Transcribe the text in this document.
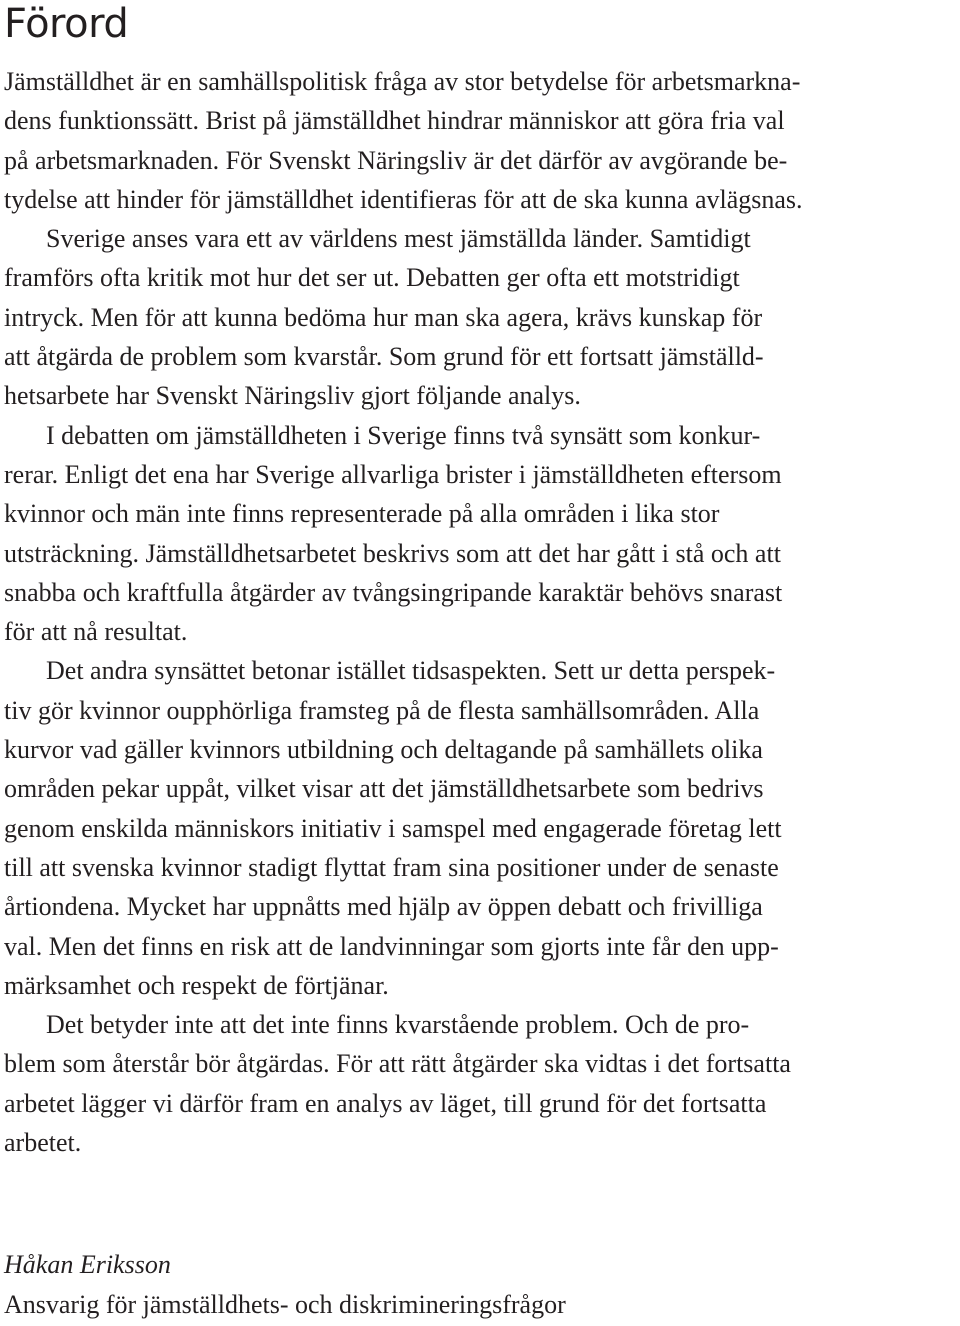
Förord
Jämställdhet är en samhällspolitisk fråga av stor betydelse för arbetsmarkna-
dens funktionssätt. Brist på jämställdhet hindrar människor att göra fria val
på arbetsmarknaden. För Svenskt Näringsliv är det därför av avgörande be-
tydelse att hinder för jämställdhet identifieras för att de ska kunna avlägsnas.
Sverige anses vara ett av världens mest jämställda länder. Samtidigt
framförs ofta kritik mot hur det ser ut. Debatten ger ofta ett motstridigt
intryck. Men för att kunna bedöma hur man ska agera, krävs kunskap för
att åtgärda de problem som kvarstår. Som grund för ett fortsatt jämställd-
hetsarbete har Svenskt Näringsliv gjort följande analys.
I debatten om jämställdheten i Sverige finns två synsätt som konkur-
rerar. Enligt det ena har Sverige allvarliga brister i jämställdheten eftersom
kvinnor och män inte finns representerade på alla områden i lika stor
utsträckning. Jämställdhetsarbetet beskrivs som att det har gått i stå och att
snabba och kraftfulla åtgärder av tvångsingripande karaktär behövs snarast
för att nå resultat.
Det andra synsättet betonar istället tidsaspekten. Sett ur detta perspek-
tiv gör kvinnor oupphörliga framsteg på de flesta samhällsområden. Alla
kurvor vad gäller kvinnors utbildning och deltagande på samhällets olika
områden pekar uppåt, vilket visar att det jämställdhetsarbete som bedrivs
genom enskilda människors initiativ i samspel med engagerade företag lett
till att svenska kvinnor stadigt flyttat fram sina positioner under de senaste
årtiondena. Mycket har uppnåtts med hjälp av öppen debatt och frivilliga
val. Men det finns en risk att de landvinningar som gjorts inte får den upp-
märksamhet och respekt de förtjänar.
Det betyder inte att det inte finns kvarstående problem. Och de pro-
blem som återstår bör åtgärdas. För att rätt åtgärder ska vidtas i det fortsatta
arbetet lägger vi därför fram en analys av läget, till grund för det fortsatta
arbetet.
Håkan Eriksson
Ansvarig för jämställdhets- och diskrimineringsfrågor
